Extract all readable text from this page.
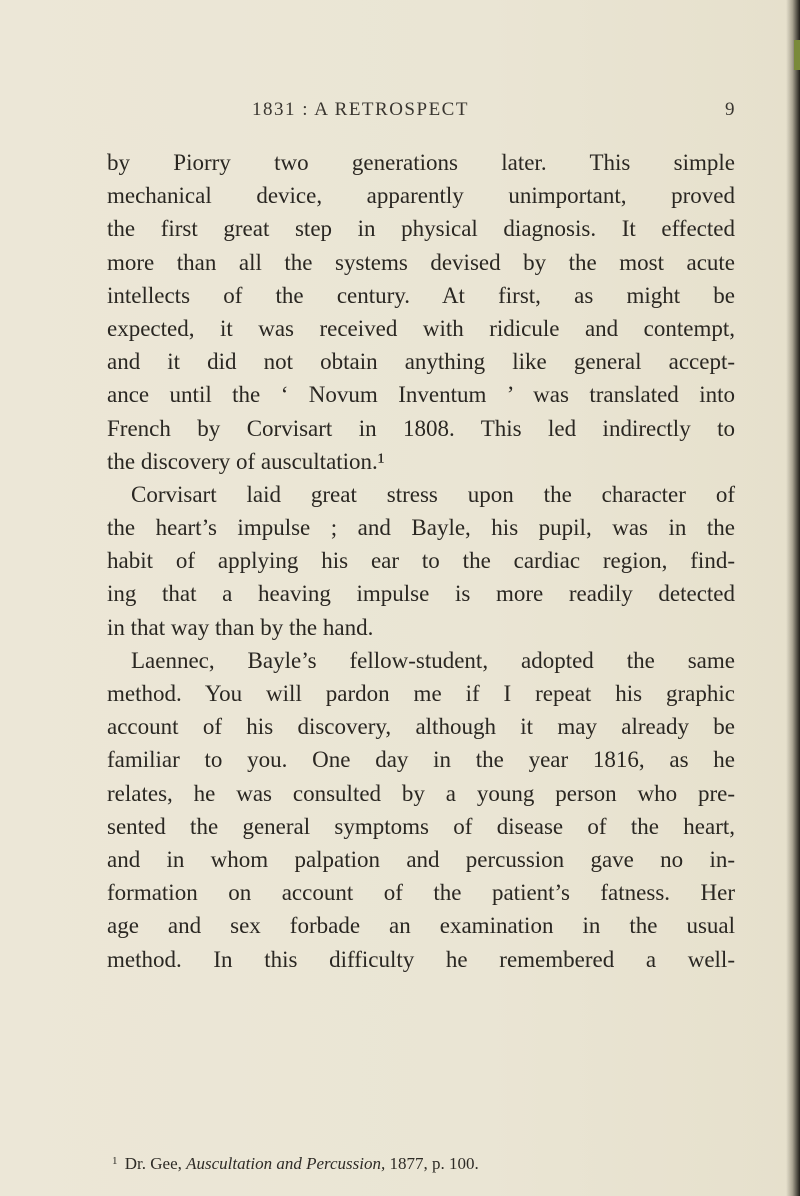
1831 : A RETROSPECT	9
by Piorry two generations later. This simple
mechanical device, apparently unimportant, proved
the first great step in physical diagnosis. It effected
more than all the systems devised by the most acute
intellects of the century. At first, as might be
expected, it was received with ridicule and contempt,
and it did not obtain anything like general accept-
ance until the ‘ Novum Inventum ’ was translated into
French by Corvisart in 1808. This led indirectly to
the discovery of auscultation.¹
Corvisart laid great stress upon the character of
the heart’s impulse ; and Bayle, his pupil, was in the
habit of applying his ear to the cardiac region, find-
ing that a heaving impulse is more readily detected
in that way than by the hand.
Laennec, Bayle’s fellow-student, adopted the same
method. You will pardon me if I repeat his graphic
account of his discovery, although it may already be
familiar to you. One day in the year 1816, as he
relates, he was consulted by a young person who pre-
sented the general symptoms of disease of the heart,
and in whom palpation and percussion gave no in-
formation on account of the patient’s fatness. Her
age and sex forbade an examination in the usual
method. In this difficulty he remembered a well-
$^1$ Dr. Gee, Auscultation and Percussion, 1877, p. 100.
